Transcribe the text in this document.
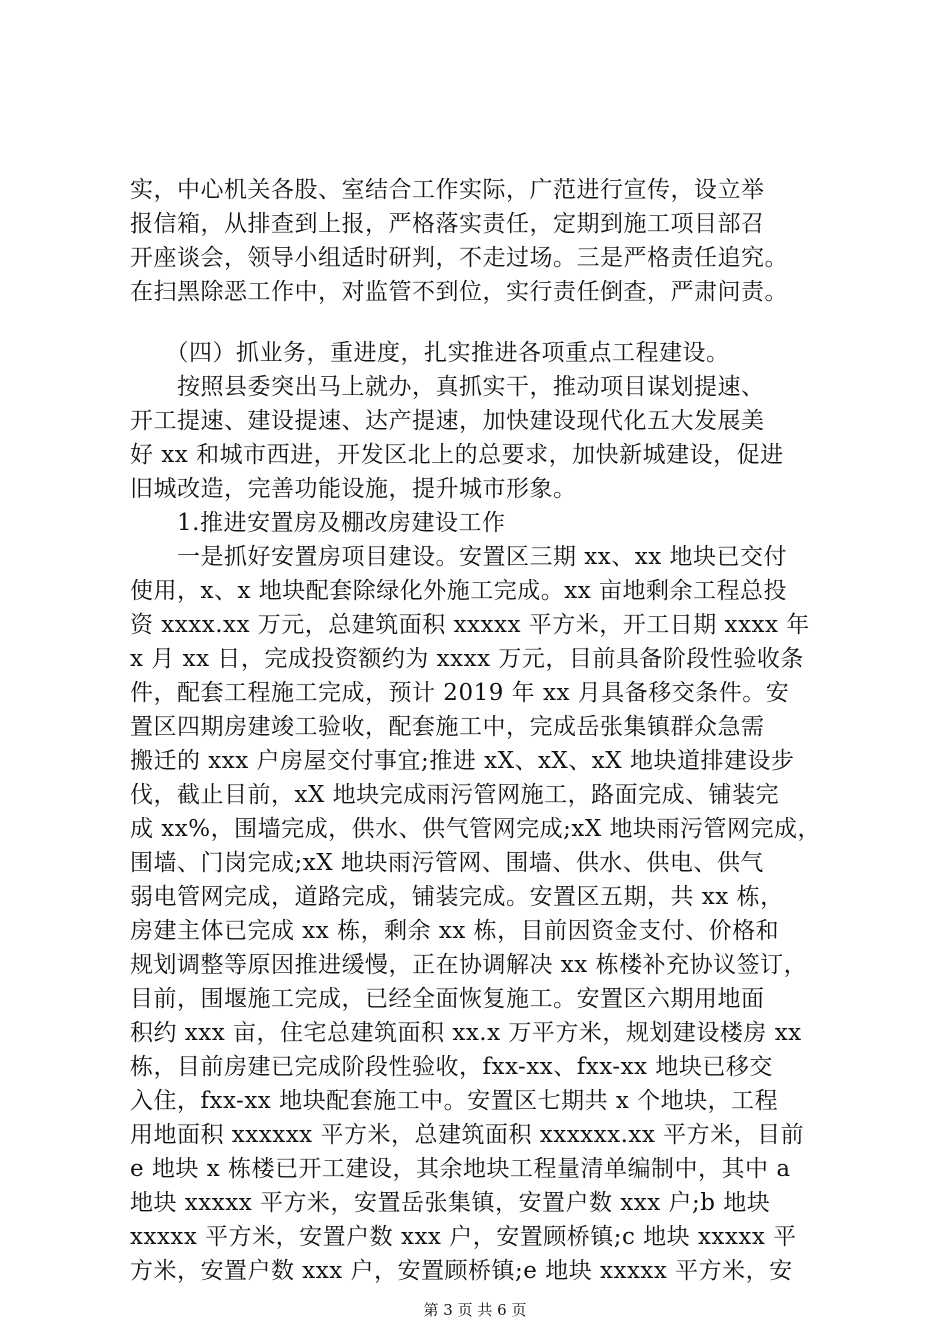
实，中心机关各股、室结合工作实际，广范进行宣传，设立举
报信箱，从排查到上报，严格落实责任，定期到施工项目部召
开座谈会，领导小组适时研判，不走过场。三是严格责任追究。
在扫黑除恶工作中，对监管不到位，实行责任倒查，严肃问责。
　　（四）抓业务，重进度，扎实推进各项重点工程建设。
　　按照县委突出马上就办，真抓实干，推动项目谋划提速、
开工提速、建设提速、达产提速，加快建设现代化五大发展美
好 xx 和城市西进，开发区北上的总要求，加快新城建设，促进
旧城改造，完善功能设施，提升城市形象。
　　1.推进安置房及棚改房建设工作
　　一是抓好安置房项目建设。安置区三期 xx、xx 地块已交付
使用，x、x 地块配套除绿化外施工完成。xx 亩地剩余工程总投
资 xxxx.xx 万元，总建筑面积 xxxxx 平方米，开工日期 xxxx 年
x 月 xx 日，完成投资额约为 xxxx 万元，目前具备阶段性验收条
件，配套工程施工完成，预计 2019 年 xx 月具备移交条件。安
置区四期房建竣工验收，配套施工中，完成岳张集镇群众急需
搬迁的 xxx 户房屋交付事宜;推进 xX、xX、xX 地块道排建设步
伐，截止目前，xX 地块完成雨污管网施工，路面完成、铺装完
成 xx%，围墙完成，供水、供气管网完成;xX 地块雨污管网完成，
围墙、门岗完成;xX 地块雨污管网、围墙、供水、供电、供气
弱电管网完成，道路完成，铺装完成。安置区五期，共 xx 栋，
房建主体已完成 xx 栋，剩余 xx 栋，目前因资金支付、价格和
规划调整等原因推进缓慢，正在协调解决 xx 栋楼补充协议签订，
目前，围堰施工完成，已经全面恢复施工。安置区六期用地面
积约 xxx 亩，住宅总建筑面积 xx.x 万平方米，规划建设楼房 xx
栋，目前房建已完成阶段性验收，fxx-xx、fxx-xx 地块已移交
入住，fxx-xx 地块配套施工中。安置区七期共 x 个地块，工程
用地面积 xxxxxx 平方米，总建筑面积 xxxxxx.xx 平方米，目前
e 地块 x 栋楼已开工建设，其余地块工程量清单编制中，其中 a
地块 xxxxx 平方米，安置岳张集镇，安置户数 xxx 户;b 地块
xxxxx 平方米，安置户数 xxx 户，安置顾桥镇;c 地块 xxxxx 平
方米，安置户数 xxx 户，安置顾桥镇;e 地块 xxxxx 平方米，安
第 3 页 共 6 页
